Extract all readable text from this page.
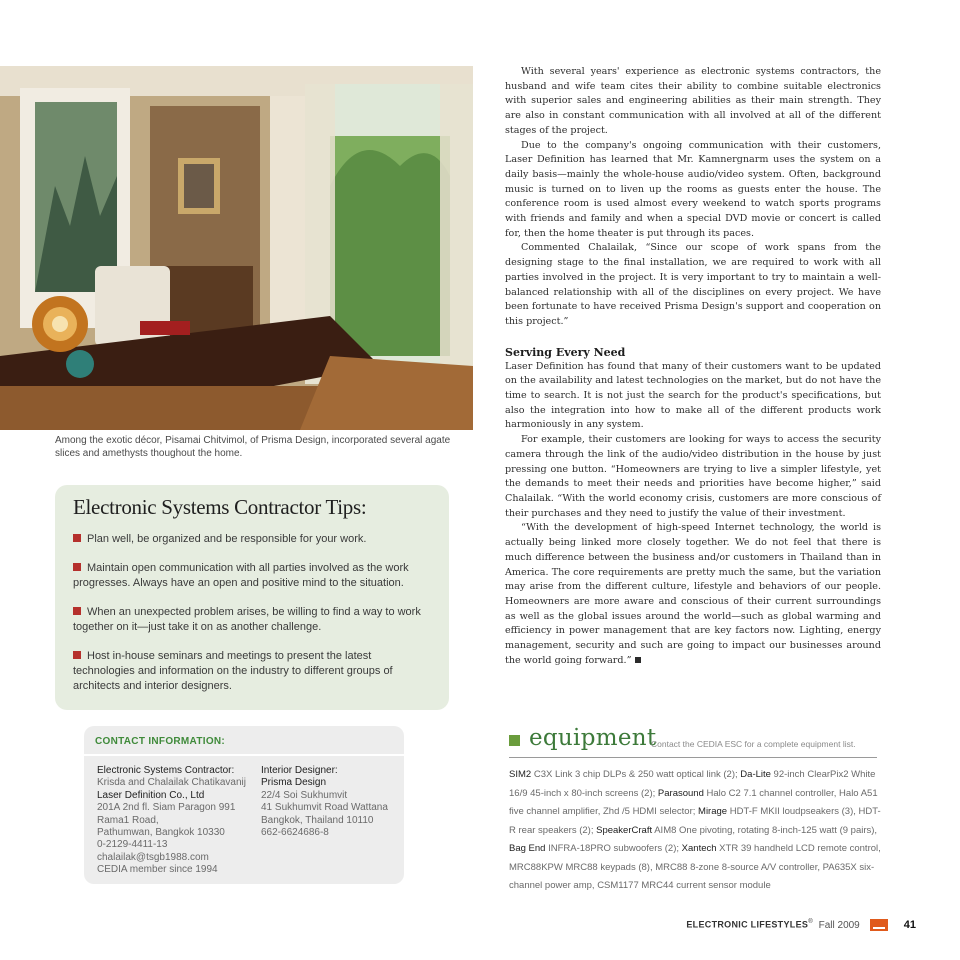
Among the exotic décor, Pisamai Chitvimol, of Prisma Design, incorporated several agate slices and amethysts thoughout the home.
Electronic Systems Contractor Tips:
Plan well, be organized and be responsible for your work.
Maintain open communication with all parties involved as the work progresses. Always have an open and positive mind to the situation.
When an unexpected problem arises, be willing to find a way to work together on it—just take it on as another challenge.
Host in-house seminars and meetings to present the latest technologies and information on the industry to different groups of architects and interior designers.
CONTACT INFORMATION:
Electronic Systems Contractor:
Krisda and Chalailak Chatikavanij
Laser Definition Co., Ltd
201A 2nd fl. Siam Paragon 991
Rama1 Road,
Pathumwan, Bangkok 10330
0-2129-4411-13
chalailak@tsgb1988.com
CEDIA member since 1994
Interior Designer:
Prisma Design
22/4 Soi Sukhumvit
41 Sukhumvit Road Wattana
Bangkok, Thailand 10110
662-6624686-8

With several years' experience as electronic systems contractors, the husband and wife team cites their ability to combine suitable electronics with superior sales and engineering abilities as their main strength. They are also in constant communication with all involved at all of the different stages of the project.

Due to the company's ongoing communication with their customers, Laser Definition has learned that Mr. Kamnergnarm uses the system on a daily basis—mainly the whole-house audio/video system. Often, background music is turned on to liven up the rooms as guests enter the house. The conference room is used almost every weekend to watch sports programs with friends and family and when a special DVD movie or concert is called for, then the home theater is put through its paces.

Commented Chalailak, “Since our scope of work spans from the designing stage to the final installation, we are required to work with all parties involved in the project. It is very important to try to maintain a well-balanced relationship with all of the disciplines on every project. We have been fortunate to have received Prisma Design's support and cooperation on this project.”

Serving Every Need

Laser Definition has found that many of their customers want to be updated on the availability and latest technologies on the market, but do not have the time to search. It is not just the search for the product's specifications, but also the integration into how to make all of the different products work harmoniously in any system.

For example, their customers are looking for ways to access the security camera through the link of the audio/video distribution in the house by just pressing one button. “Homeowners are trying to live a simpler lifestyle, yet the demands to meet their needs and priorities have become higher,” said Chalailak. “With the world economy crisis, customers are more conscious of their purchases and they need to justify the value of their investment.

“With the development of high-speed Internet technology, the world is actually being linked more closely together. We do not feel that there is much difference between the business and/or customers in Thailand than in America. The core requirements are pretty much the same, but the variation may arise from the different culture, lifestyle and behaviors of our people. Homeowners are more aware and conscious of their current surroundings as well as the global issues around the world—such as global warming and efficiency in power management that are key factors now. Lighting, energy management, security and such are going to impact our businesses around the world going forward.”

equipment
Contact the CEDIA ESC for a complete equipment list.
SIM2 C3X Link 3 chip DLPs & 250 watt optical link (2); Da-Lite 92-inch ClearPix2 White 16/9 45-inch x 80-inch screens (2); Parasound Halo C2 7.1 channel controller, Halo A51 five channel amplifier, Zhd /5 HDMI selector; Mirage HDT-F MKII loudpseakers (3), HDT-R rear speakers (2); SpeakerCraft AIM8 One pivoting, rotating 8-inch-125 watt (9 pairs), Bag End INFRA-18PRO subwoofers (2); Xantech XTR 39 handheld LCD remote control, MRC88KPW MRC88 keypads (8), MRC88 8-zone 8-source A/V controller, PA635X six-channel power amp, CSM1177 MRC44 current sensor module
ELECTRONIC LIFESTYLES® Fall 2009	41
